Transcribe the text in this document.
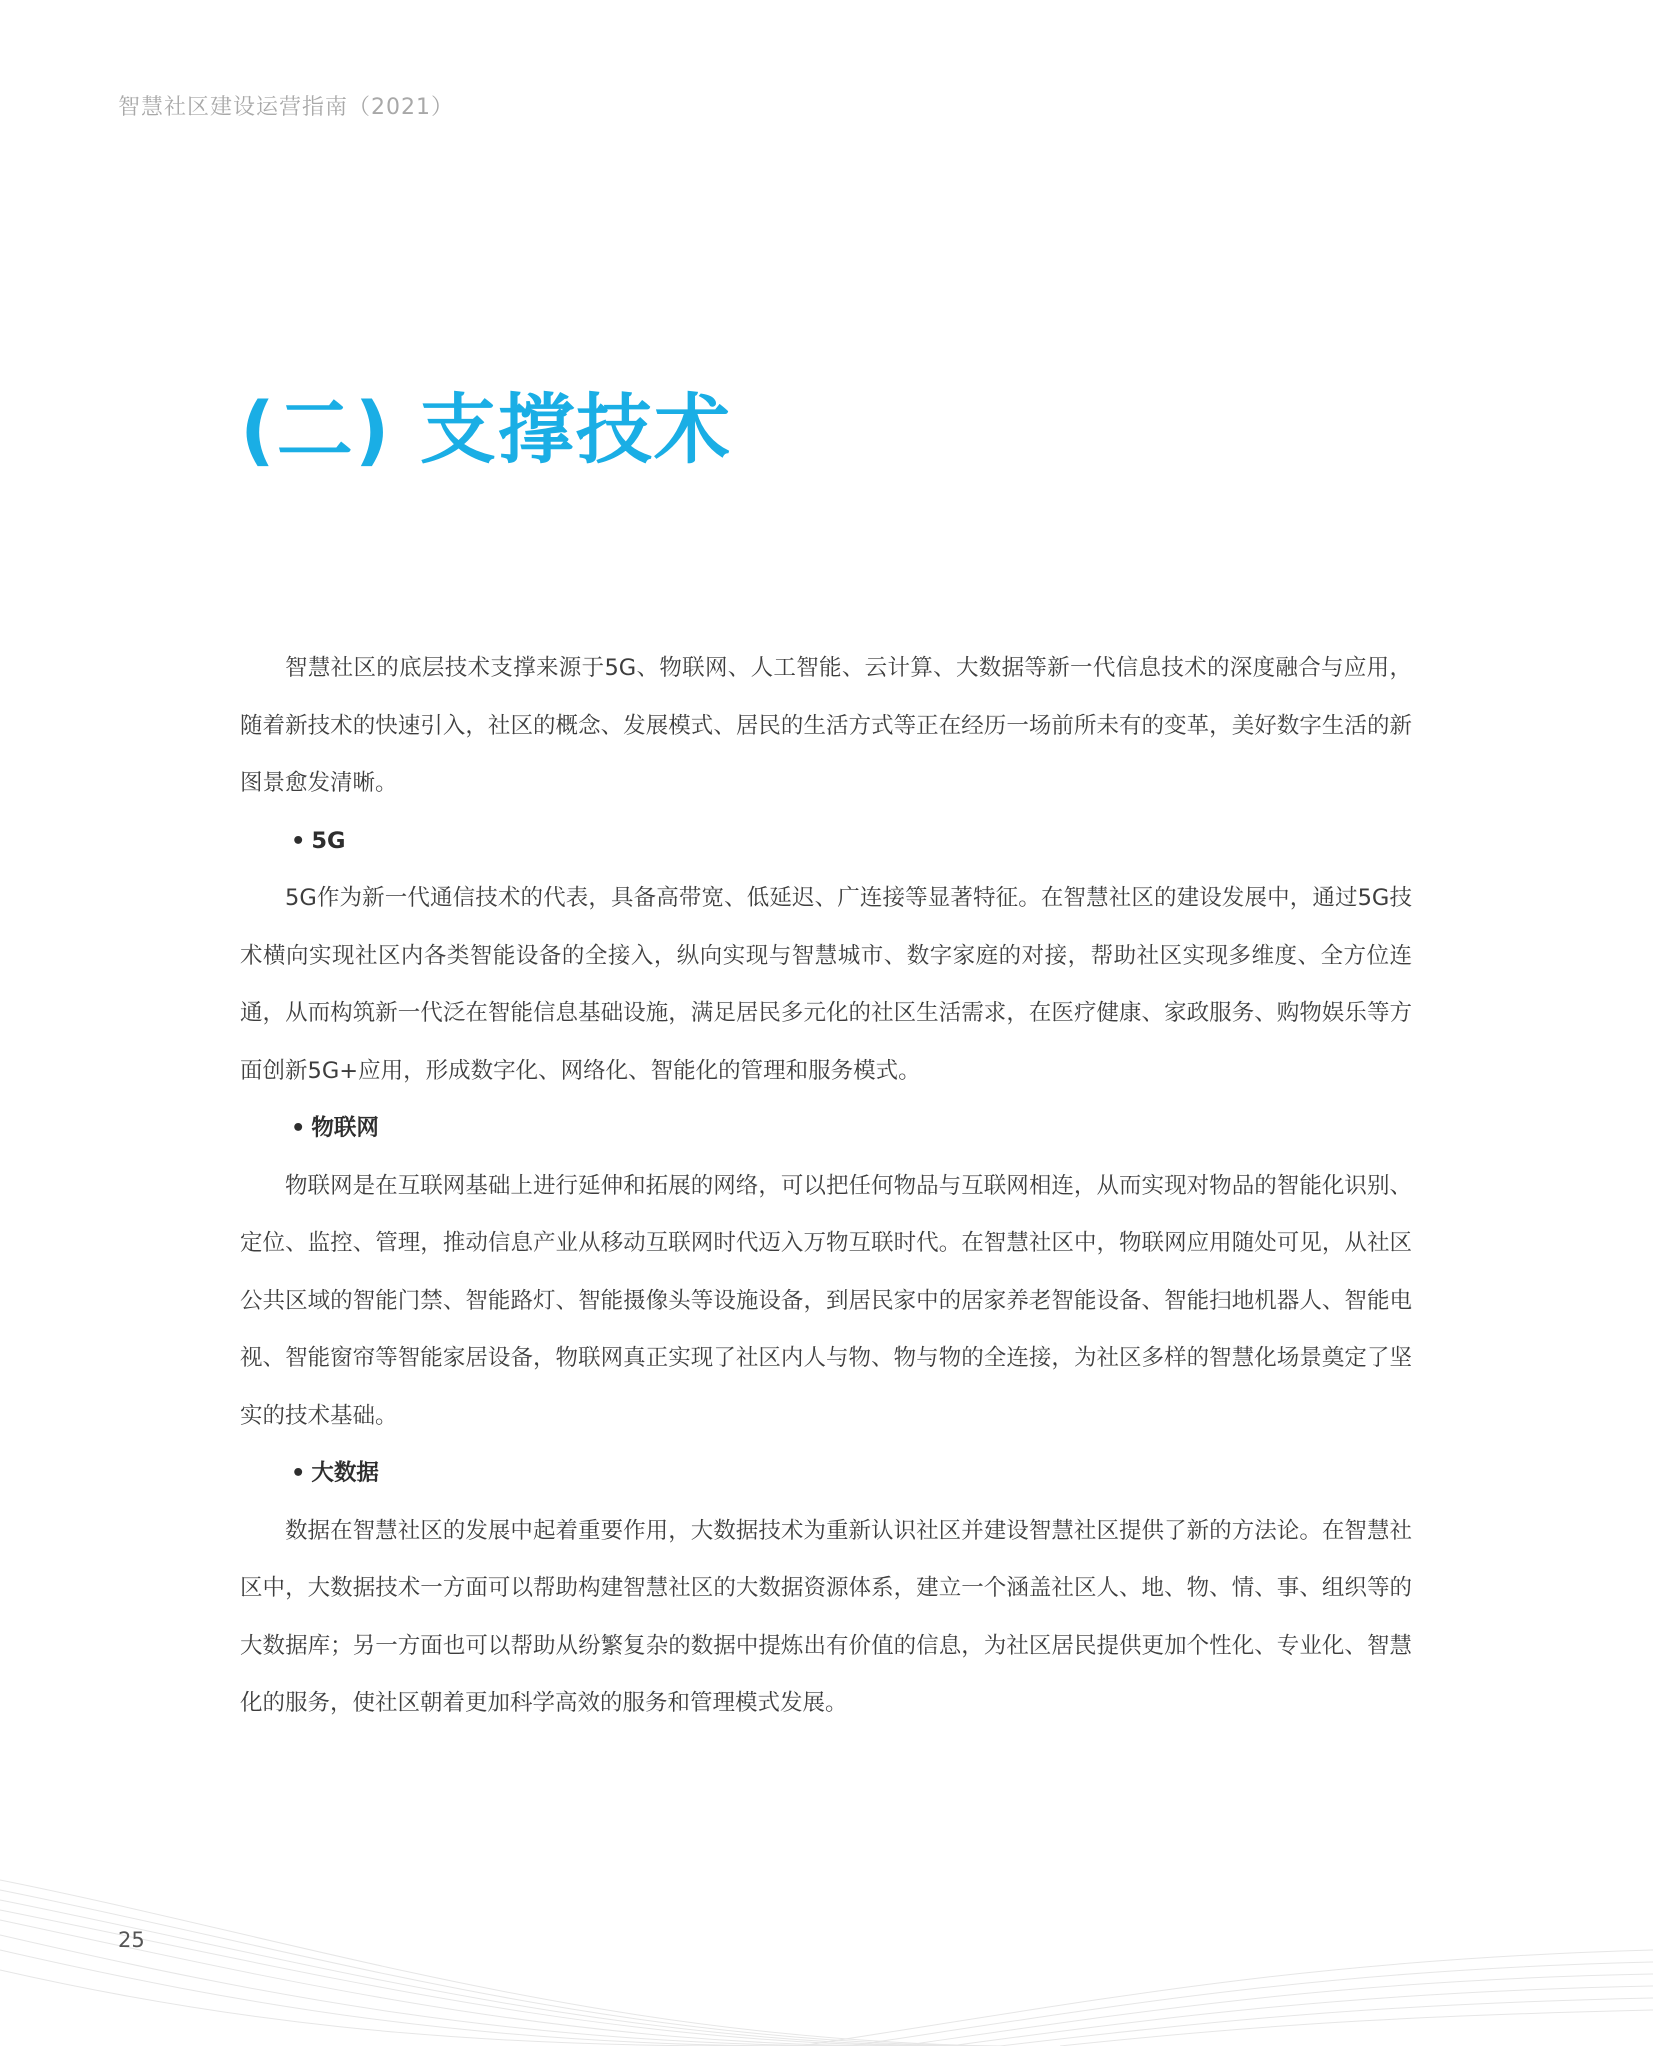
智慧社区建设运营指南（2021）
(二) 支撑技术

智慧社区的底层技术支撑来源于5G、物联网、人工智能、云计算、大数据等新一代信息技术的深度融合与应用，随着新技术的快速引入，社区的概念、发展模式、居民的生活方式等正在经历一场前所未有的变革，美好数字生活的新图景愈发清晰。

• 5G

5G作为新一代通信技术的代表，具备高带宽、低延迟、广连接等显著特征。在智慧社区的建设发展中，通过5G技术横向实现社区内各类智能设备的全接入，纵向实现与智慧城市、数字家庭的对接，帮助社区实现多维度、全方位连通，从而构筑新一代泛在智能信息基础设施，满足居民多元化的社区生活需求，在医疗健康、家政服务、购物娱乐等方面创新5G+应用，形成数字化、网络化、智能化的管理和服务模式。

• 物联网

物联网是在互联网基础上进行延伸和拓展的网络，可以把任何物品与互联网相连，从而实现对物品的智能化识别、定位、监控、管理，推动信息产业从移动互联网时代迈入万物互联时代。在智慧社区中，物联网应用随处可见，从社区公共区域的智能门禁、智能路灯、智能摄像头等设施设备，到居民家中的居家养老智能设备、智能扫地机器人、智能电视、智能窗帘等智能家居设备，物联网真正实现了社区内人与物、物与物的全连接，为社区多样的智慧化场景奠定了坚实的技术基础。

• 大数据

数据在智慧社区的发展中起着重要作用，大数据技术为重新认识社区并建设智慧社区提供了新的方法论。在智慧社区中，大数据技术一方面可以帮助构建智慧社区的大数据资源体系，建立一个涵盖社区人、地、物、情、事、组织等的大数据库；另一方面也可以帮助从纷繁复杂的数据中提炼出有价值的信息，为社区居民提供更加个性化、专业化、智慧化的服务，使社区朝着更加科学高效的服务和管理模式发展。

25
